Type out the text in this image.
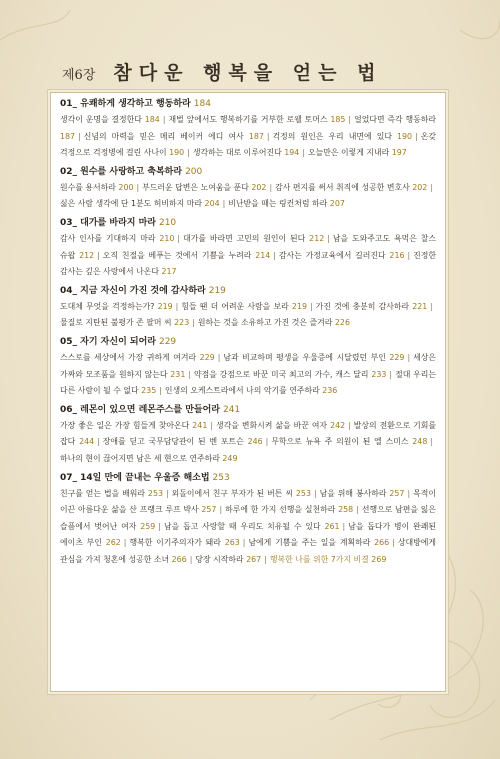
제6장 참다운 행복을 얻는 법
01_ 유쾌하게 생각하고 행동하라 184
생각이 운명을 결정한다 184 | 재벌 앞에서도 행복하기를 거부한 로웰 토머스 185 | 얼었다면 즉각 행동하라 187 | 신념의 마력을 믿은 메리 베이커 에디 여사 187 | 걱정의 원인은 우리 내면에 있다 190 | 온갖 걱정으로 걱정병에 걸린 사나이 190 | 생각하는 대로 이루어진다 194 | 오늘만은 이렇게 지내라 197
02_ 원수를 사랑하고 축복하라 200
원수를 용서하라 200 | 부드러운 답변은 노여움을 푼다 202 | 감사 편지를 써서 취직에 성공한 변호사 202 |싫은 사람 생각에 단 1분도 허비하지 마라 204 | 비난받을 때는 링컨처럼 하라 207
03_ 대가를 바라지 마라 210
감사 인사를 기대하지 마라 210 | 대가를 바라면 고민의 원인이 된다 212 | 남을 도와주고도 욕먹은 찰스 슈왑 212 | 오직 친절을 베푸는 것에서 기쁨을 누려라 214 | 감사는 가정교육에서 길러진다 216 | 진정한 감사는 깊은 사랑에서 나온다 217
04_ 지금 자신이 가진 것에 감사하라 219
도대체 무엇을 걱정하는가? 219 | 힘들 땐 더 어려운 사람을 보라 219 | 가진 것에 충분히 감사하라 221 |물질로 지탄된 불평가 존 팔머 씨 223 | 원하는 것을 소유하고 가진 것은 즐겨라 226
05_ 자기 자신이 되어라 229
스스로를 세상에서 가장 귀하게 여겨라 229 | 남과 비교하며 평생을 우울증에 시달렸던 부인 229 | 세상은 가짜와 모조품을 원하지 않는다 231 | 약점을 강점으로 바꾼 미국 최고의 가수, 캐스 달리 233 | 절대 우리는 다른 사람이 될 수 없다 235 | 인생의 오케스트라에서 나의 악기를 연주하라 236
06_ 레몬이 있으면 레몬주스를 만들어라 241
가장 좋은 일은 가장 힘들게 찾아온다 241 | 생각을 변화시켜 삶을 바꾼 여자 242 | 발상의 전환으로 기회를 잡다 244 | 장애를 딛고 국무담당관이 된 벤 포트슨 246 | 무학으로 뉴욕 주 의원이 된 엘 스미스 248 |하나의 현이 끊어지면 남은 세 현으로 연주하라 249
07_ 14일 만에 끝내는 우울증 해소법 253
친구를 얻는 법을 배워라 253 | 외돌이에서 친구 부자가 된 버튼 씨 253 | 남을 위해 봉사하라 257 | 목적이 이끈 아름다운 삶을 산 프랭크 루프 박사 257 | 하루에 한 가지 선행을 실천하라 258 | 선행으로 남편을 잃은 슬픔에서 벗어난 여자 259 | 남을 돕고 사랑할 때 우리도 치유될 수 있다 261 | 남을 돕다가 병이 완쾌된 에이츠 부인 262 | 행복한 이기주의자가 돼라 263 | 남에게 기쁨을 주는 일을 계획하라 266 | 상대방에게 관심을 가져 청혼에 성공한 소녀 266 | 당장 시작하라 267 | 행복한 나를 위한 7가지 비결 269
